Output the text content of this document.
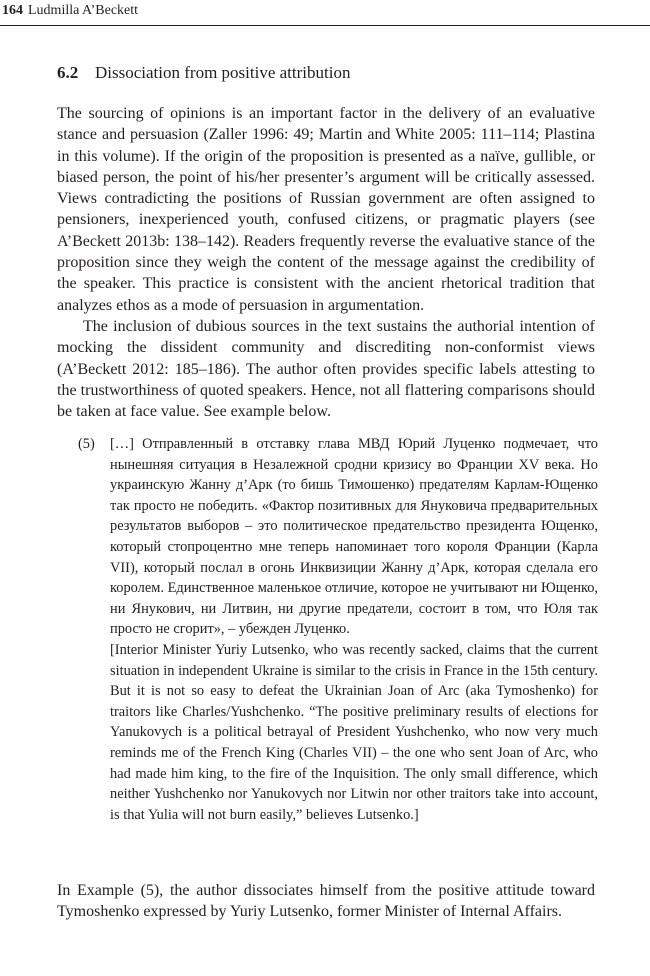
164 Ludmilla A’Beckett
6.2 Dissociation from positive attribution

The sourcing of opinions is an important factor in the delivery of an evaluative stance and persuasion (Zaller 1996: 49; Martin and White 2005: 111–114; Plastina in this volume). If the origin of the proposition is presented as a naïve, gullible, or biased person, the point of his/her presenter’s argument will be critically assessed. Views contradicting the positions of Russian government are often assigned to pensioners, inexperienced youth, confused citizens, or pragmatic players (see A’Beckett 2013b: 138–142). Readers frequently reverse the evaluative stance of the proposition since they weigh the content of the message against the credibility of the speaker. This practice is consistent with the ancient rhetorical tradition that analyzes ethos as a mode of persuasion in argumentation.

The inclusion of dubious sources in the text sustains the authorial intention of mocking the dissident community and discrediting non-conformist views (A’Beckett 2012: 185–186). The author often provides specific labels attesting to the trustworthiness of quoted speakers. Hence, not all flattering comparisons should be taken at face value. See example below.

(5) […] Отправленный в отставку глава МВД Юрий Луценко подмечает, что нынешняя ситуация в Незалежной сродни кризису во Франции XV века. Но украинскую Жанну д’Арк (то бишь Тимошенко) предателям Карлам-Ющенко так просто не победить. «Фактор позитивных для Януковича предварительных результатов выборов – это политическое предательство президента Ющенко, который стопроцентно мне теперь напоминает того короля Франции (Карла VII), который послал в огонь Инквизиции Жанну д’Арк, которая сделала его королем. Единственное маленькое отличие, которое не учитывают ни Ющенко, ни Янукович, ни Литвин, ни другие предатели, состоит в том, что Юля так просто не сгорит», – убежден Луценко.

[Interior Minister Yuriy Lutsenko, who was recently sacked, claims that the current situation in independent Ukraine is similar to the crisis in France in the 15th century. But it is not so easy to defeat the Ukrainian Joan of Arc (aka Tymoshenko) for traitors like Charles/Yushchenko. “The positive preliminary results of elections for Yanukovych is a political betrayal of President Yushchenko, who now very much reminds me of the French King (Charles VII) – the one who sent Joan of Arc, who had made him king, to the fire of the Inquisition. The only small difference, which neither Yushchenko nor Yanukovych nor Litwin nor other traitors take into account, is that Yulia will not burn easily,” believes Lutsenko.]

In Example (5), the author dissociates himself from the positive attitude toward Tymoshenko expressed by Yuriy Lutsenko, former Minister of Internal Affairs.
